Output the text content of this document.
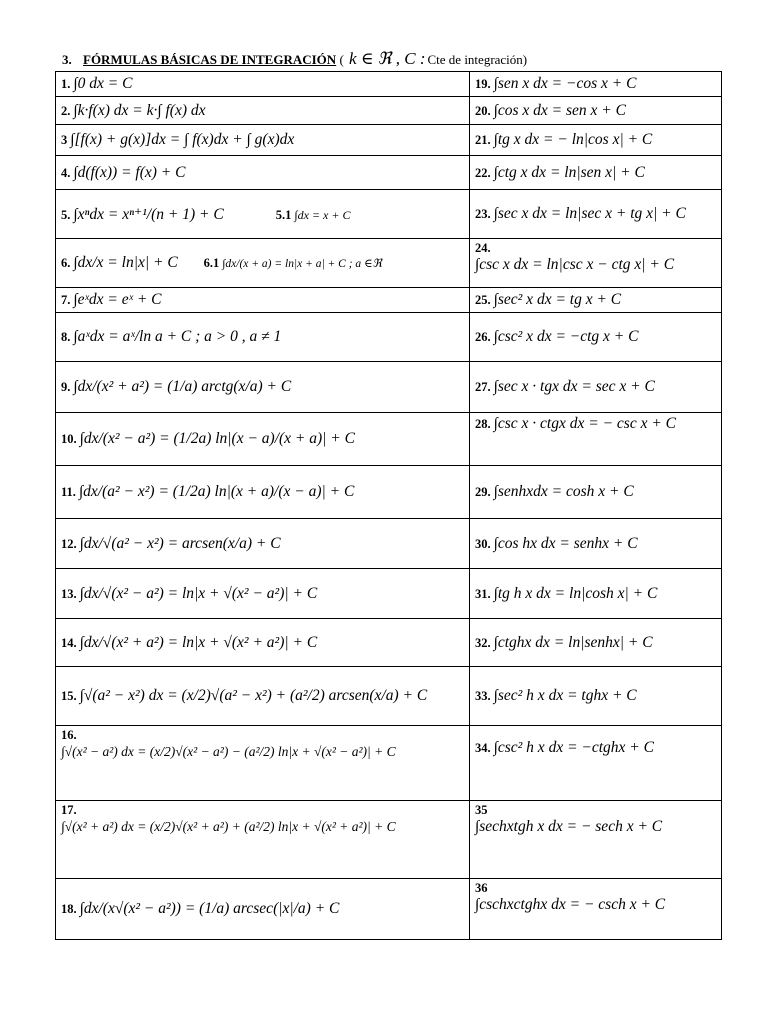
3. FÓRMULAS BÁSICAS DE INTEGRACIÓN ( k ∈ ℜ , C : Cte de integración)
1. ∫0 dx = C	19. ∫sen x dx = −cos x + C
2. ∫k·f(x) dx = k·∫ f(x) dx	20. ∫cos x dx = sen x + C
3 ∫[f(x) + g(x)]dx = ∫ f(x)dx + ∫ g(x)dx	21. ∫tg x dx = − ln|cos x| + C
4. ∫d(f(x)) = f(x) + C	22. ∫ctg x dx = ln|sen x| + C
5. ∫xⁿdx = xⁿ⁺¹/(n + 1) + C 5.1 ∫dx = x + C	23. ∫sec x dx = ln|sec x + tg x| + C
6. ∫dx/x = ln|x| + C 6.1 ∫dx/(x + a) = ln|x + a| + C ; a ∈ℜ	24.
∫csc x dx = ln|csc x − ctg x| + C
7. ∫eˣdx = eˣ + C	25. ∫sec² x dx = tg x + C
8. ∫aˣdx = aˣ/ln a + C ; a > 0 , a ≠ 1	26. ∫csc² x dx = −ctg x + C
9. ∫dx/(x² + a²) = (1/a) arctg(x/a) + C	27. ∫sec x · tgx dx = sec x + C
10. ∫dx/(x² − a²) = (1/2a) ln|(x − a)/(x + a)| + C	28. ∫csc x · ctgx dx = − csc x + C
11. ∫dx/(a² − x²) = (1/2a) ln|(x + a)/(x − a)| + C	29. ∫senhxdx = cosh x + C
12. ∫dx/√(a² − x²) = arcsen(x/a) + C	30. ∫cos hx dx = senhx + C
13. ∫dx/√(x² − a²) = ln|x + √(x² − a²)| + C	31. ∫tg h x dx = ln|cosh x| + C
14. ∫dx/√(x² + a²) = ln|x + √(x² + a²)| + C	32. ∫ctghx dx = ln|senhx| + C
15. ∫√(a² − x²) dx = (x/2)√(a² − x²) + (a²/2) arcsen(x/a) + C	33. ∫sec² h x dx = tghx + C

16.
∫√(x² − a²) dx = (x/2)√(x² − a²) − (a²/2) ln|x + √(x² − a²)| + C	34. ∫csc² h x dx = −ctghx + C

17.
∫√(x² + a²) dx = (x/2)√(x² + a²) + (a²/2) ln|x + √(x² + a²)| + C	35
∫sechxtgh x dx = − sech x + C
18. ∫dx/(x√(x² − a²)) = (1/a) arcsec(|x|/a) + C	36
∫cschxctghx dx = − csch x + C
